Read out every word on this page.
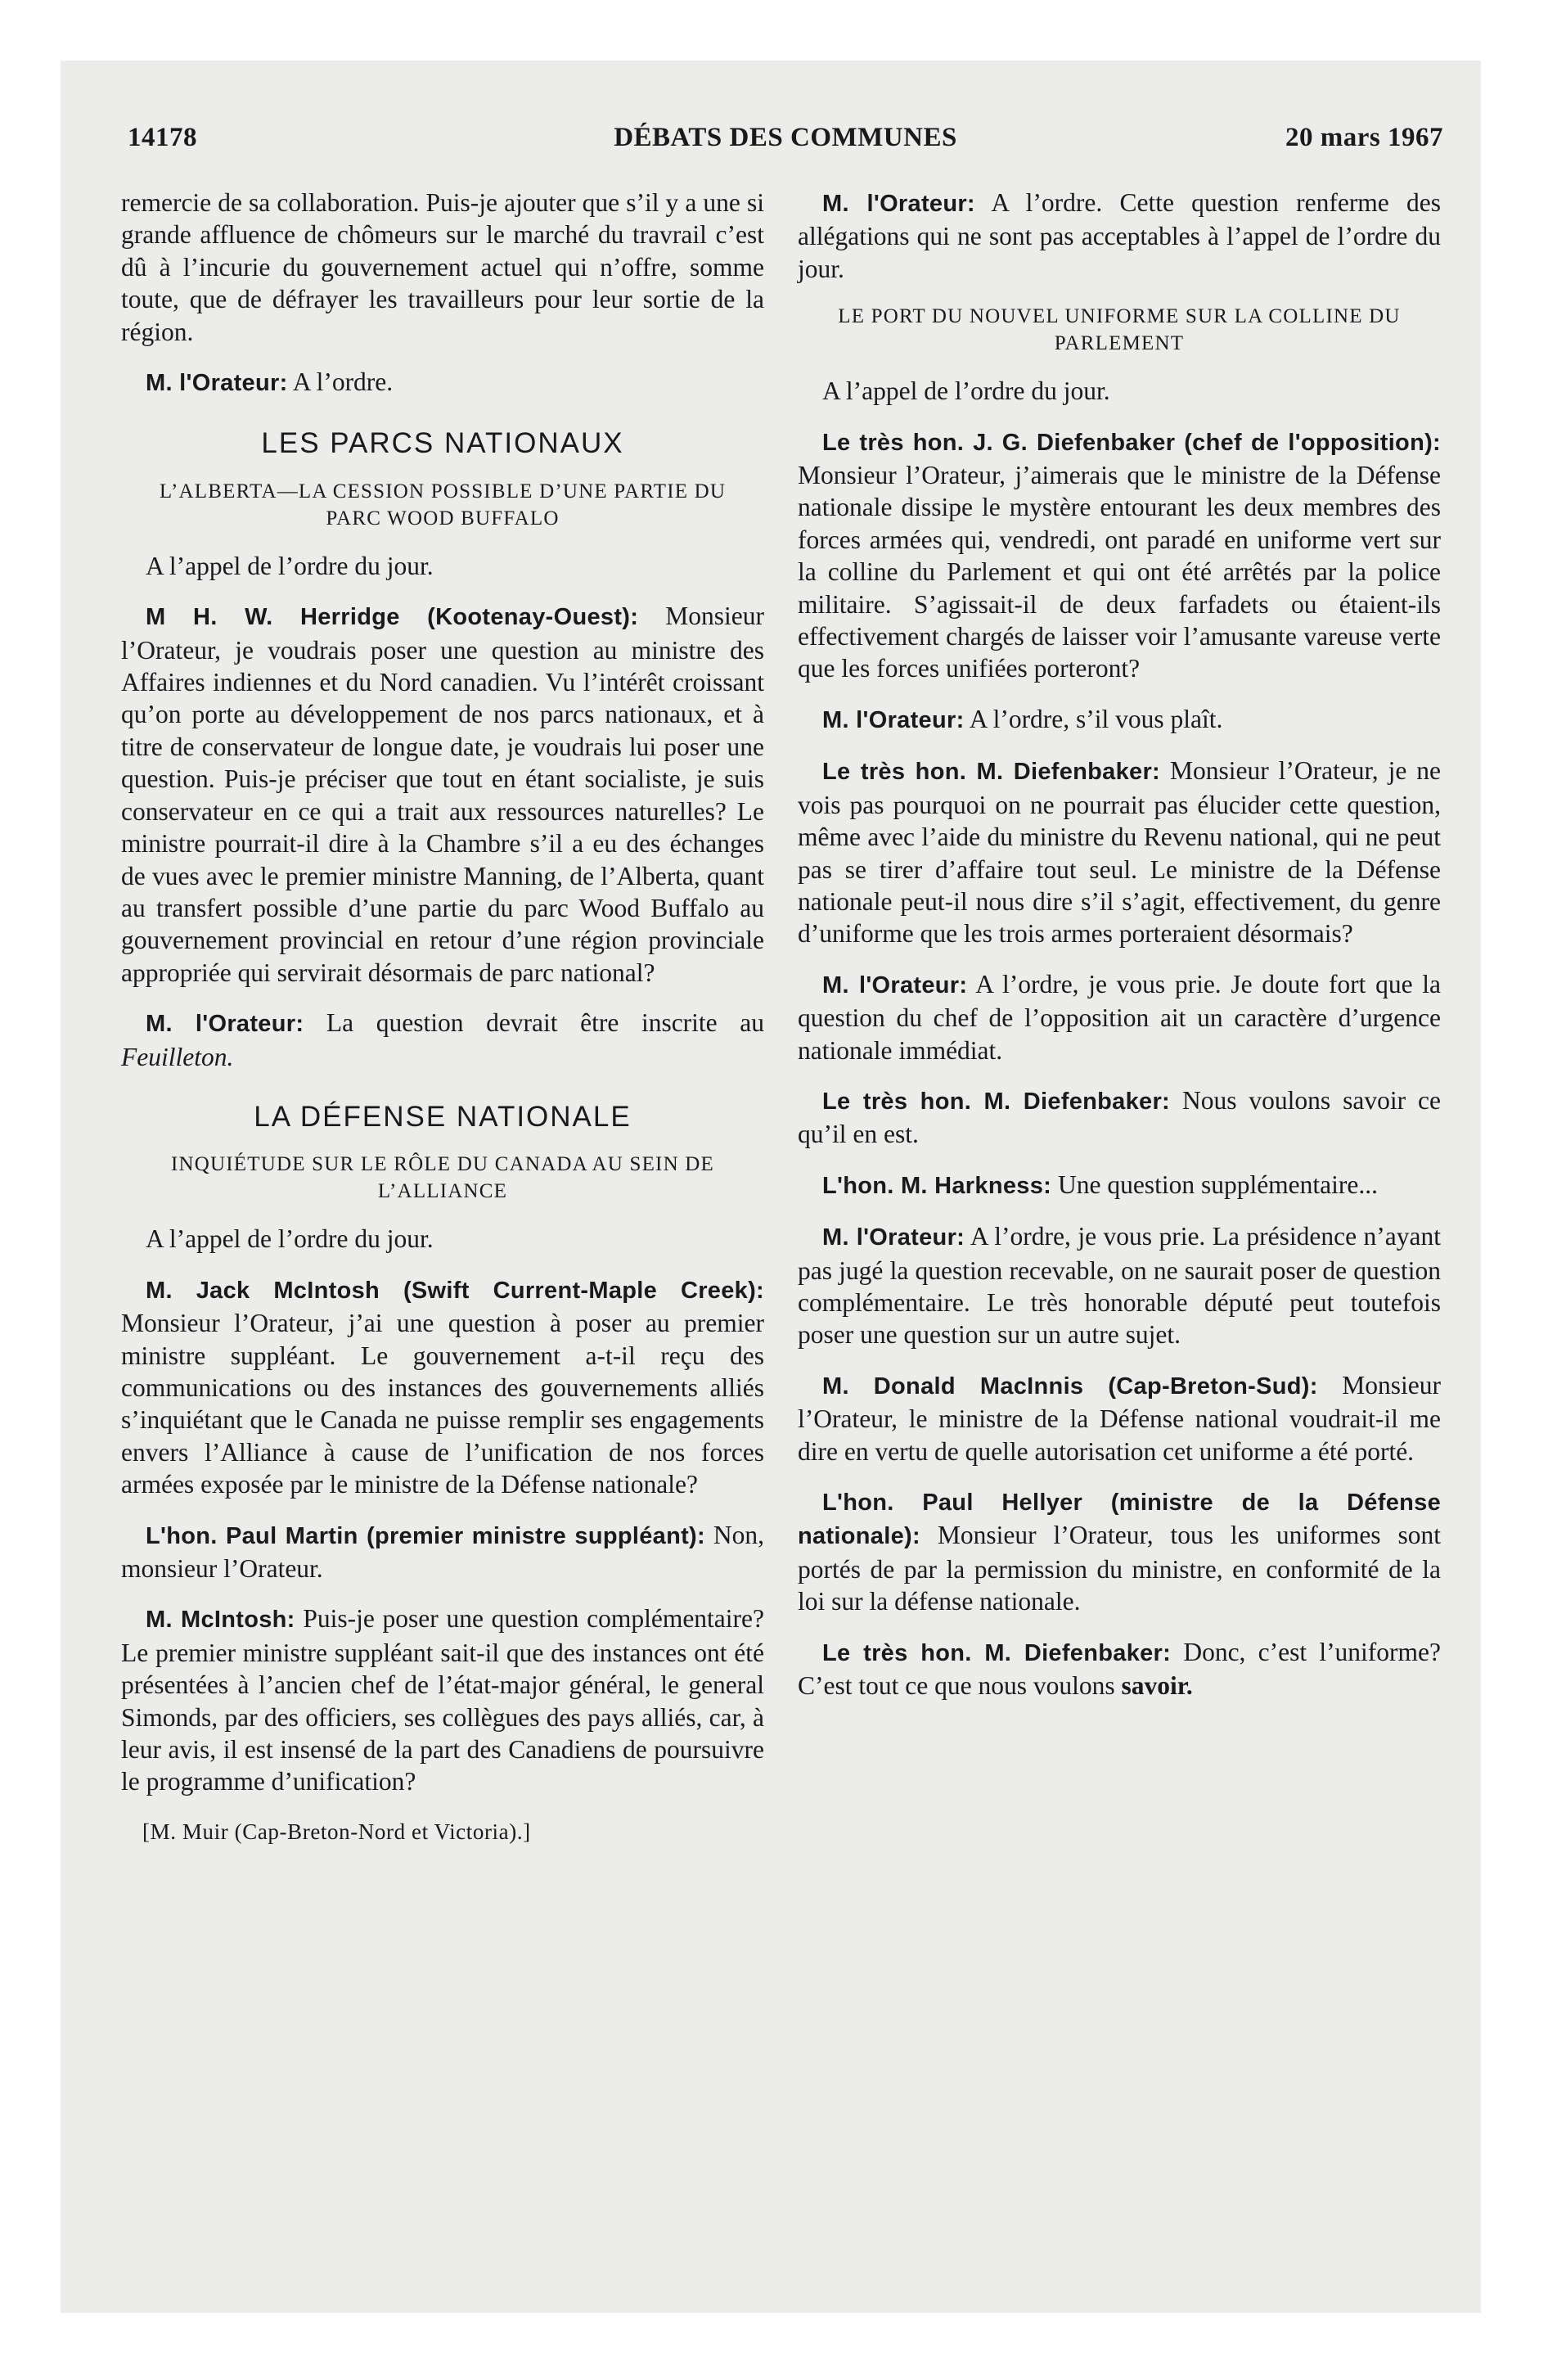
14178	DÉBATS DES COMMUNES	20 mars 1967

remercie de sa collaboration. Puis-je ajouter que s’il y a une si grande affluence de chômeurs sur le marché du travrail c’est dû à l’incurie du gouvernement actuel qui n’offre, somme toute, que de défrayer les travailleurs pour leur sortie de la région.

M. l'Orateur: A l’ordre.

LES PARCS NATIONAUX
L’ALBERTA—LA CESSION POSSIBLE D’UNE PARTIE DU PARC WOOD BUFFALO

A l’appel de l’ordre du jour.

M H. W. Herridge (Kootenay-Ouest): Monsieur l’Orateur, je voudrais poser une question au ministre des Affaires indiennes et du Nord canadien. Vu l’intérêt croissant qu’on porte au développement de nos parcs nationaux, et à titre de conservateur de longue date, je voudrais lui poser une question. Puis-je préciser que tout en étant socialiste, je suis conservateur en ce qui a trait aux ressources naturelles? Le ministre pourrait-il dire à la Chambre s’il a eu des échanges de vues avec le premier ministre Manning, de l’Alberta, quant au transfert possible d’une partie du parc Wood Buffalo au gouvernement provincial en retour d’une région provinciale appropriée qui servirait désormais de parc national?

M. l'Orateur: La question devrait être inscrite au Feuilleton.

LA DÉFENSE NATIONALE
INQUIÉTUDE SUR LE RÔLE DU CANADA AU SEIN DE L’ALLIANCE

A l’appel de l’ordre du jour.

M. Jack McIntosh (Swift Current-Maple Creek): Monsieur l’Orateur, j’ai une question à poser au premier ministre suppléant. Le gouvernement a-t-il reçu des communications ou des instances des gouvernements alliés s’inquiétant que le Canada ne puisse remplir ses engagements envers l’Alliance à cause de l’unification de nos forces armées exposée par le ministre de la Défense nationale?

L'hon. Paul Martin (premier ministre suppléant): Non, monsieur l’Orateur.

M. McIntosh: Puis-je poser une question complémentaire? Le premier ministre suppléant sait-il que des instances ont été présentées à l’ancien chef de l’état-major général, le general Simonds, par des officiers, ses collègues des pays alliés, car, à leur avis, il est insensé de la part des Canadiens de poursuivre le programme d’unification?

[M. Muir (Cap-Breton-Nord et Victoria).]

M. l'Orateur: A l’ordre. Cette question renferme des allégations qui ne sont pas acceptables à l’appel de l’ordre du jour.

LE PORT DU NOUVEL UNIFORME SUR LA COLLINE DU PARLEMENT

A l’appel de l’ordre du jour.

Le très hon. J. G. Diefenbaker (chef de l'opposition): Monsieur l’Orateur, j’aimerais que le ministre de la Défense nationale dissipe le mystère entourant les deux membres des forces armées qui, vendredi, ont paradé en uniforme vert sur la colline du Parlement et qui ont été arrêtés par la police militaire. S’agissait-il de deux farfadets ou étaient-ils effectivement chargés de laisser voir l’amusante vareuse verte que les forces unifiées porteront?

M. l'Orateur: A l’ordre, s’il vous plaît.

Le très hon. M. Diefenbaker: Monsieur l’Orateur, je ne vois pas pourquoi on ne pourrait pas élucider cette question, même avec l’aide du ministre du Revenu national, qui ne peut pas se tirer d’affaire tout seul. Le ministre de la Défense nationale peut-il nous dire s’il s’agit, effectivement, du genre d’uniforme que les trois armes porteraient désormais?

M. l'Orateur: A l’ordre, je vous prie. Je doute fort que la question du chef de l’opposition ait un caractère d’urgence nationale immédiat.

Le très hon. M. Diefenbaker: Nous voulons savoir ce qu’il en est.

L'hon. M. Harkness: Une question supplémentaire...

M. l'Orateur: A l’ordre, je vous prie. La présidence n’ayant pas jugé la question recevable, on ne saurait poser de question complémentaire. Le très honorable député peut toutefois poser une question sur un autre sujet.

M. Donald MacInnis (Cap-Breton-Sud): Monsieur l’Orateur, le ministre de la Défense national voudrait-il me dire en vertu de quelle autorisation cet uniforme a été porté.

L'hon. Paul Hellyer (ministre de la Défense nationale): Monsieur l’Orateur, tous les uniformes sont portés de par la permission du ministre, en conformité de la loi sur la défense nationale.

Le très hon. M. Diefenbaker: Donc, c’est l’uniforme? C’est tout ce que nous voulons savoir.
